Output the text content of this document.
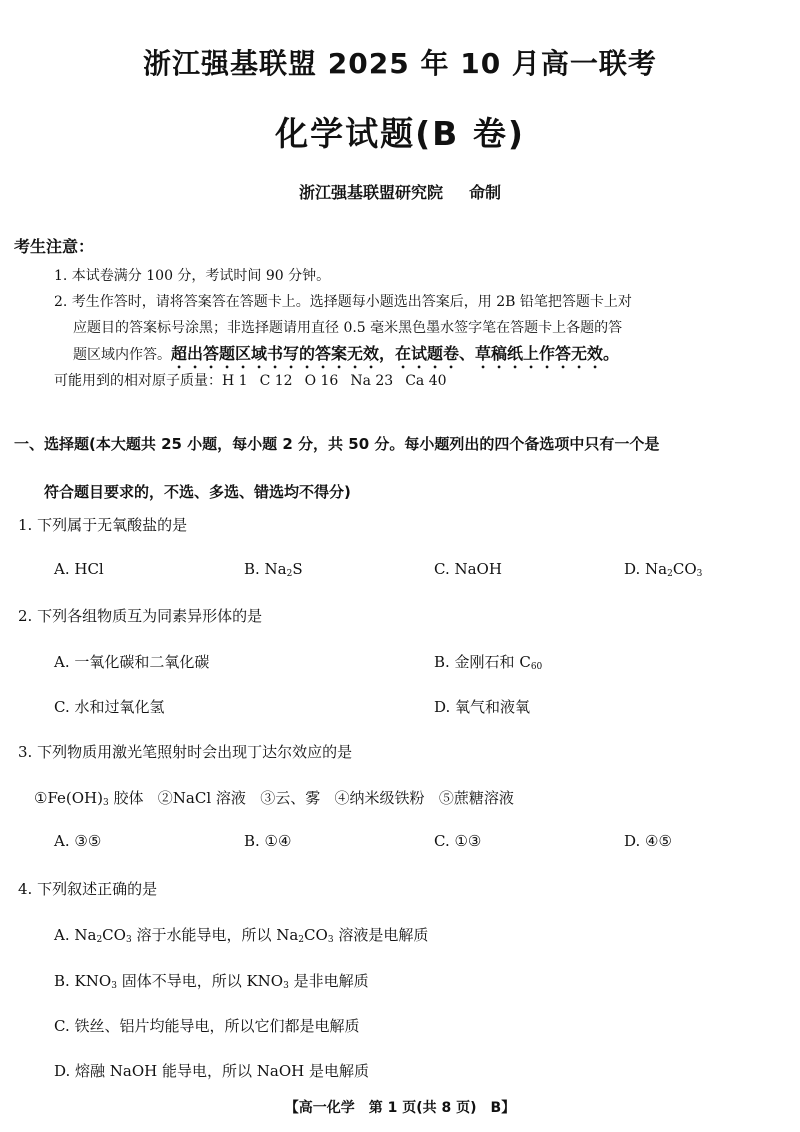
浙江强基联盟 2025 年 10 月高一联考
化学试题(B 卷)
浙江强基联盟研究院 命制
考生注意：
1. 本试卷满分 100 分，考试时间 90 分钟。
2. 考生作答时，请将答案答在答题卡上。选择题每小题选出答案后，用 2B 铅笔把答题卡上对
应题目的答案标号涂黑；非选择题请用直径 0.5 毫米黑色墨水签字笔在答题卡上各题的答
题区域内作答。超出答题区域书写的答案无效，在试题卷、草稿纸上作答无效。
可能用到的相对原子质量：H 1 C 12 O 16 Na 23 Ca 40
一、选择题(本大题共 25 小题，每小题 2 分，共 50 分。每小题列出的四个备选项中只有一个是
符合题目要求的，不选、多选、错选均不得分)
1. 下列属于无氧酸盐的是
A. HCl	B. $Na_2S$	C. NaOH	D. $Na_2CO_3$
2. 下列各组物质互为同素异形体的是
A. 一氧化碳和二氧化碳	B. 金刚石和 $C_{60}$
C. 水和过氧化氢	D. 氧气和液氧
3. 下列物质用激光笔照射时会出现丁达尔效应的是
$①Fe(OH)_3$ 胶体   ②NaCl 溶液   ③云、雾   ④纳米级铁粉   ⑤蔗糖溶液
A. ③⑤	B. ①④	C. ①③	D. ④⑤
4. 下列叙述正确的是
A. $Na_2CO_3$ 溶于水能导电，所以 $Na_2CO_3$ 溶液是电解质
B. $KNO_3$ 固体不导电，所以 $KNO_3$ 是非电解质
C. 铁丝、铝片均能导电，所以它们都是电解质
D. 熔融 NaOH 能导电，所以 NaOH 是电解质
【高一化学　第 1 页(共 8 页)　B】
